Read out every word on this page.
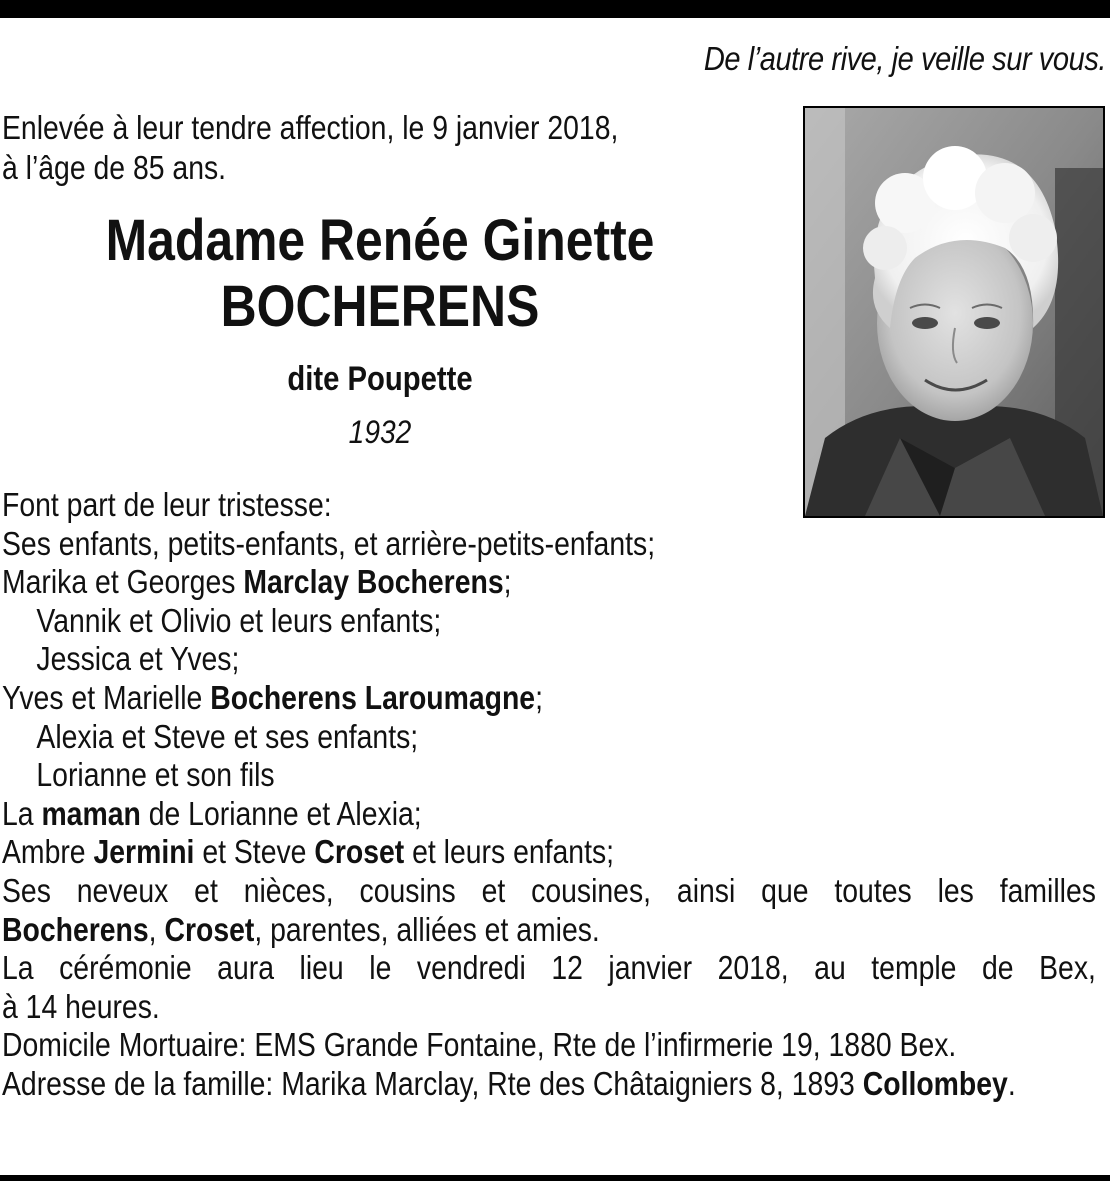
De l’autre rive, je veille sur vous.
Enlevée à leur tendre affection, le 9 janvier 2018,
à l’âge de 85 ans.
Madame Renée Ginette
BOCHERENS
dite Poupette
1932
Font part de leur tristesse:
Ses enfants, petits-enfants, et arrière-petits-enfants;
Marika et Georges Marclay Bocherens;
Vannik et Olivio et leurs enfants;
Jessica et Yves;
Yves et Marielle Bocherens Laroumagne;
Alexia et Steve et ses enfants;
Lorianne et son fils
La maman de Lorianne et Alexia;
Ambre Jermini et Steve Croset et leurs enfants;
Ses neveux et nièces, cousins et cousines, ainsi que toutes les familles
Bocherens, Croset, parentes, alliées et amies.
La cérémonie aura lieu le vendredi 12 janvier 2018, au temple de Bex,
à 14 heures.
Domicile Mortuaire: EMS Grande Fontaine, Rte de l’infirmerie 19, 1880 Bex.
Adresse de la famille: Marika Marclay, Rte des Châtaigniers 8, 1893 Collombey.
